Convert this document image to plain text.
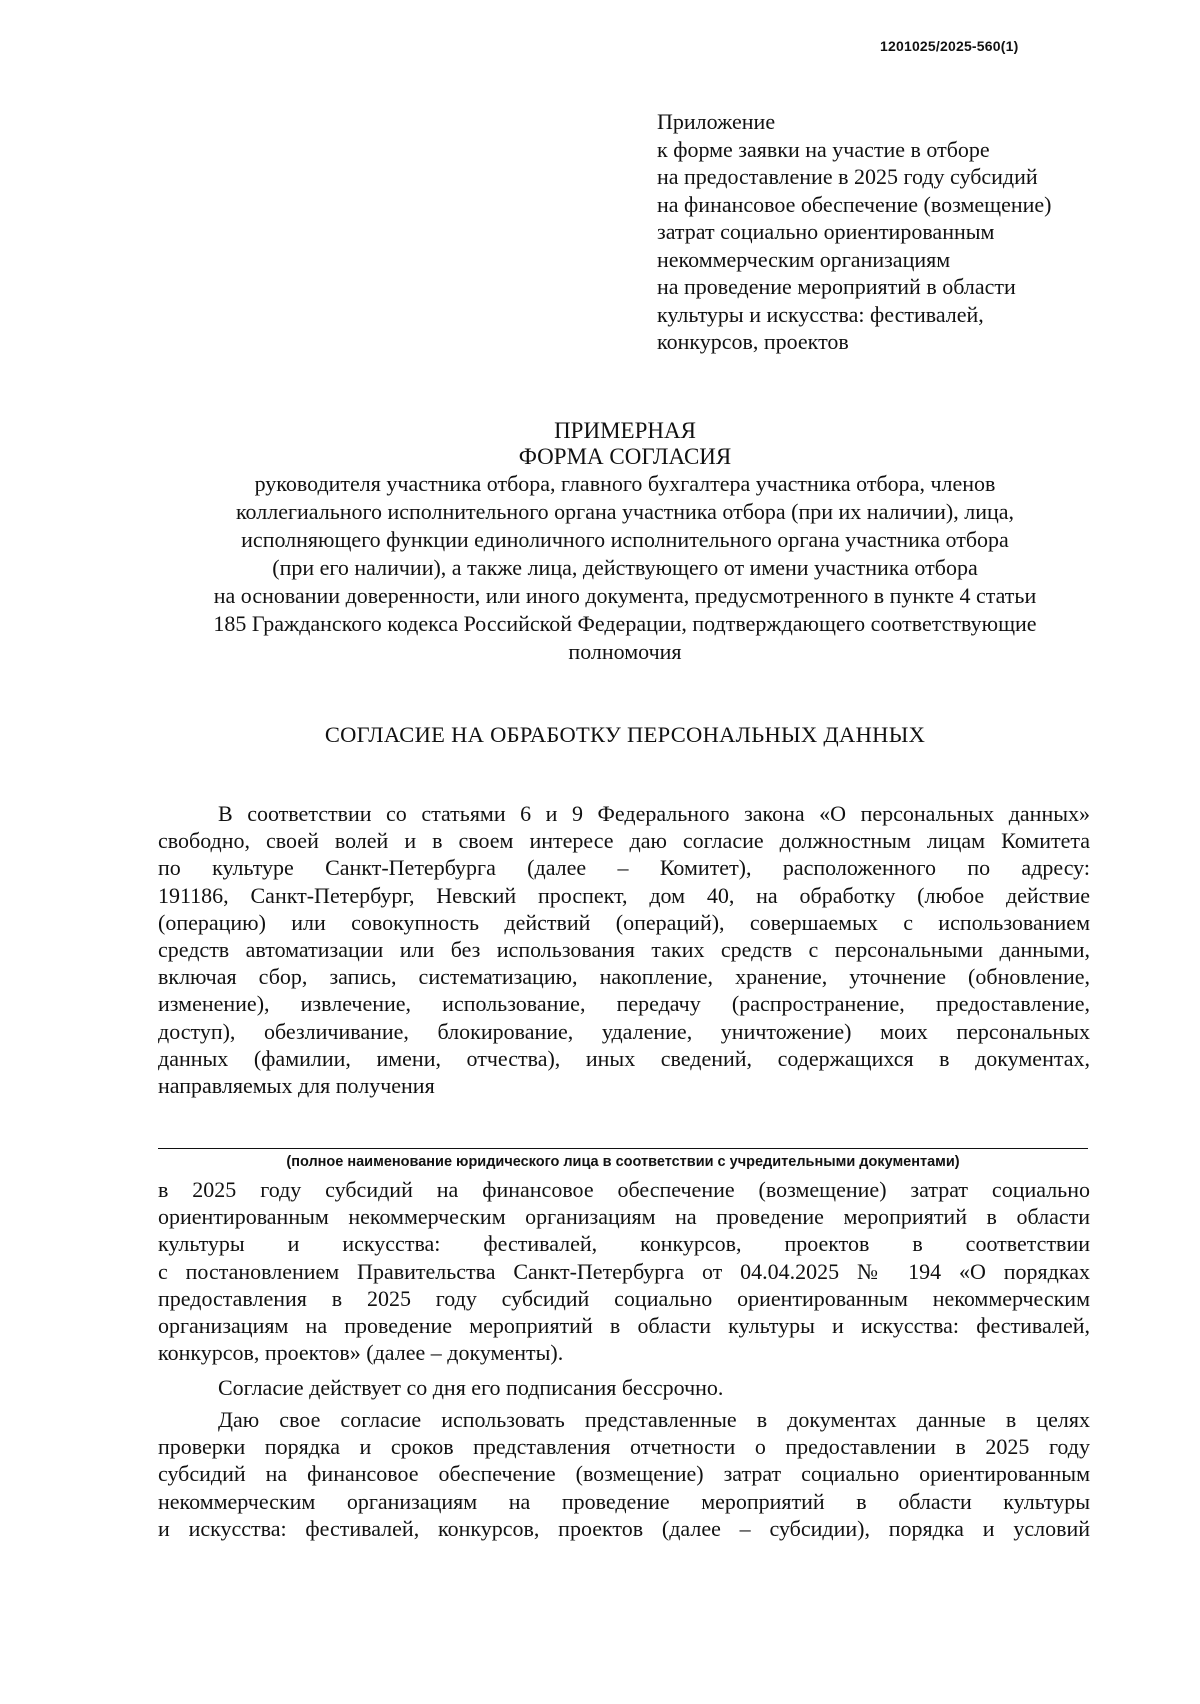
1201025/2025-560(1)
Приложение
к форме заявки на участие в отборе
на предоставление в 2025 году субсидий
на финансовое обеспечение (возмещение)
затрат социально ориентированным
некоммерческим организациям
на проведение мероприятий в области
культуры и искусства: фестивалей,
конкурсов, проектов
ПРИМЕРНАЯ
ФОРМА СОГЛАСИЯ
руководителя участника отбора, главного бухгалтера участника отбора, членов
коллегиального исполнительного органа участника отбора (при их наличии), лица,
исполняющего функции единоличного исполнительного органа участника отбора
(при его наличии), а также лица, действующего от имени участника отбора
на основании доверенности, или иного документа, предусмотренного в пункте 4 статьи
185 Гражданского кодекса Российской Федерации, подтверждающего соответствующие
полномочия
СОГЛАСИЕ НА ОБРАБОТКУ ПЕРСОНАЛЬНЫХ ДАННЫХ
В соответствии со статьями 6 и 9 Федерального закона «О персональных данных»
свободно, своей волей и в своем интересе даю согласие должностным лицам Комитета
по культуре Санкт-Петербурга (далее – Комитет), расположенного по адресу:
191186, Санкт-Петербург, Невский проспект, дом 40, на обработку (любое действие
(операцию) или совокупность действий (операций), совершаемых с использованием
средств автоматизации или без использования таких средств с персональными данными,
включая сбор, запись, систематизацию, накопление, хранение, уточнение (обновление,
изменение), извлечение, использование, передачу (распространение, предоставление,
доступ), обезличивание, блокирование, удаление, уничтожение) моих персональных
данных (фамилии, имени, отчества), иных сведений, содержащихся в документах,
направляемых для получения
(полное наименование юридического лица в соответствии с учредительными документами)
в 2025 году субсидий на финансовое обеспечение (возмещение) затрат социально
ориентированным некоммерческим организациям на проведение мероприятий в области
культуры и искусства: фестивалей, конкурсов, проектов в соответствии
с постановлением Правительства Санкт-Петербурга от 04.04.2025 № 194 «О порядках
предоставления в 2025 году субсидий социально ориентированным некоммерческим
организациям на проведение мероприятий в области культуры и искусства: фестивалей,
конкурсов, проектов» (далее – документы).
Согласие действует со дня его подписания бессрочно.
Даю свое согласие использовать представленные в документах данные в целях
проверки порядка и сроков представления отчетности о предоставлении в 2025 году
субсидий на финансовое обеспечение (возмещение) затрат социально ориентированным
некоммерческим организациям на проведение мероприятий в области культуры
и искусства: фестивалей, конкурсов, проектов (далее – субсидии), порядка и условий
